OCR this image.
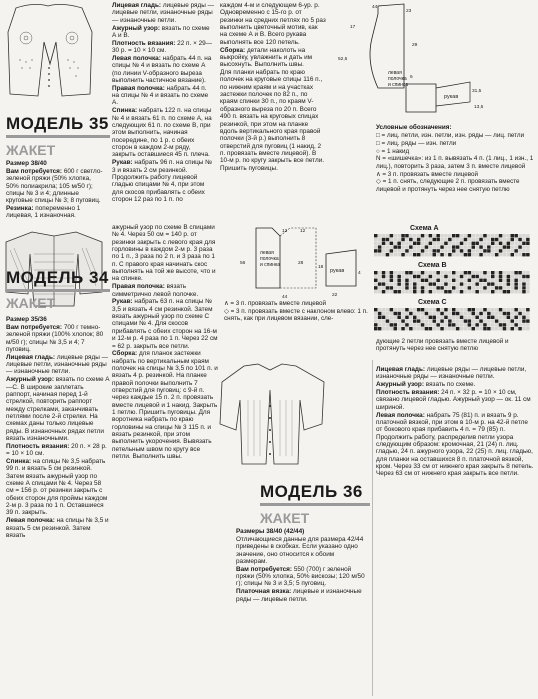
МОДЕЛЬ 35
ЖАКЕТ

Размер 38/40

Вам потребуется: 600 г светло-зеленой пряжи (50% хлопка, 50% полиакрила; 105 м/50 г); спицы № 3 и 4; длинные круговые спицы № 3; 8 пуговиц.

Резинка: попеременно 1 лицевая, 1 изнаночная.

Лицевая гладь: лицевые ряды — лицевые петли, изнаночные ряды — изнаночные петли.

Ажурный узор: вязать по схеме А и В.

Плотность вязания: 22 п. × 29—30 р. = 10 × 10 см.

Левая полочка: набрать 44 п. на спицы № 4 и вязать по схеме А (по линии V-образного выреза выполнить частичное вязание).

Правая полочка: набрать 44 п. на спицы № 4 и вязать по схеме А.

Спинка: набрать 122 п. на спицы № 4 и вязать 61 п. по схеме А, на следующих 61 п. по схеме В, при этом выполнить, начиная посередине, по 1 р. с обеих сторон в каждом 2-м ряду, закрыть оставшиеся 45 п. плеча.

Рукав: набрать 96 п. на спицы № 3 и вязать 2 см резинкой. Продолжить работу лицевой гладью спицами № 4, при этом для скосов прибавлять с обеих сторон 12 раз по 1 п. по

каждом 4-м и следующем 6-ур. р. Одновременно с 15-го р. от резинки на средних петлях по 5 раз выполнить цветочный мотив, как на схеме А и В. Всего рукава выполнять все 120 петель.

Сборка: детали наколоть на выкройку, увлажнить и дать им высохнуть. Выполнить швы.

Для планки набрать по краю полочек на круговые спицы 116 п., по нижним краям и на участках застежки полочек по 82 п., по краям спинки 30 п., по краям V-образного выреза по 20 п. Всего 490 п. вязать на круговых спицах резинкой, при этом на планке вдоль вертикального края правой полочки (3-й р.) выполнить 8 отверстий для пуговиц (1 накид, 2 п. провязать вместе лицевой). В 10-м р. по кругу закрыть все петли. Пришить пуговицы.

левая полочка и спинка
рукав
44
23
52,5
29
6
17
31,5
13,5

Условные обозначения:

□ = лиц. петли, изн. петли, изн. ряды — лиц. петли

□ = лиц. ряды — изн. петли

○ = 1 накид

N = «шишечка»: из 1 п. вывязать 4 п. (1 лиц., 1 изн., 1 лиц.), повторить 3 раза, затем 3 п. вместе лицевой

∧ = 3 п. провязать вместе лицевой

◇ = 1 п. снять, следующие 2 п. провязать вместе лицевой и протянуть через нее снятую петлю

МОДЕЛЬ 34
ЖАКЕТ

Размер 35/36

Вам потребуется: 700 г темно-зеленой пряжи (100% хлопок; 80 м/50 г); спицы № 3,5 и 4; 7 пуговиц.

Лицевая гладь: лицевые ряды — лицевые петли, изнаночные ряды — изнаночные петли.

Ажурный узор: вязать по схеме А—С. В широкие заплетать раппорт, начиная перед 1-й стрелкой, повторить раппорт между стрелками, заканчивать петлями после 2-й стрелки. На схемах даны только лицевые ряды. В изнаночных рядах петли вязать изнаночными.

Плотность вязания: 20 п. × 28 р. = 10 × 10 см.

Спинка: на спицы № 3,5 набрать 99 п. и вязать 5 см резинкой. Затем вязать ажурный узор по схеме А спицами № 4. Через 58 см = 156 р. от резинки закрыть с обеих сторон для проймы каждом 2-м р. 3 раза по 1 п. Оставшиеся 39 п. закрыть.

Левая полочка: на спицы № 3,5 и вязать 5 см резинкой. Затем вязать

ажурный узор по схеме В спицами № 4. Через 50 см = 140 р. от резинки закрыть с левого края для горловины в каждом 2-м р. 3 раза по 1 п., 3 раза по 2 п. и 3 раза по 1 п. С правого края начинать скос выполнять на той же высоте, что и на спинке.

Правая полочка: вязать симметрично левой полочке.

Рукав: набрать 63 п. на спицы № 3,5 и вязать 4 см резинкой. Затем вязать ажурный узор по схеме С спицами № 4. Для скосов прибавлять с обеих сторон на 16-м и 12-м р. 4 раза по 1 п. Через 22 см = 62 р. закрыть все петли.

Сборка: для планок застежки набрать по вертикальным краям полочек на спицы № 3,5 по 101 п. и вязать 4 р. резинкой. На планке правой полочки выполнить 7 отверстий для пуговиц: с 9-й п. через каждые 15 п. 2 п. провязать вместе лицевой и 1 накид. Закрыть 1 петлю. Пришить пуговицы. Для воротника набрать по краю горловины на спицы № 3 115 п. и вязать резинкой, при этом выполнить укорочения. Вывязать петельным швом по кругу все петли. Выполнить швы.

левая полочка и спинка
рукав
56
12	12
44
18
22
4
28

∧ = 3 п. провязать вместе лицевой

◇ = 3 п. провязать вместе с наклоном влево: 1 п. снять, как при лицевом вязании, сле-

Схема А
Схема В
Схема С

дующие 2 петли провязать вместе лицевой и протянуть через нее снятую петлю

МОДЕЛЬ 36
ЖАКЕТ

Размеры 38/40 (42/44)

Отличающиеся данные для размера 42/44 приведены в скобках. Если указано одно значение, оно относится к обоим размерам.

Вам потребуется: 550 (700) г зеленой пряжи (50% хлопка, 50% вискозы; 120 м/50 г); спицы № 3 и 3,5; 5 пуговиц.

Платочная вязка: лицевые и изнаночные ряды — лицевые петли.

Лицевая гладь: лицевые ряды — лицевые петли, изнаночные ряды — изнаночные петли.

Ажурный узор: вязать по схеме.

Плотность вязания: 24 п. × 32 р. = 10 × 10 см, связано лицевой гладью. Ажурный узор — ок. 11 см шириной.

Левая полочка: набрать 75 (81) п. и вязать 9 р. платочной вязкой, при этом в 10-м р. на 42-й петле от бокового края прибавить 4 п. = 79 (85) п. Продолжить работу, распределив петли узора следующим образом: кромочная, 21 (24) п. лиц. гладью, 24 п. ажурного узора, 22 (25) п. лиц. гладью, для планки на оставшихся 8 п. платочной вязкой, кром. Через 33 см от нижнего края закрыть 8 петель. Через 63 см от нижнего края закрыть все петли.
